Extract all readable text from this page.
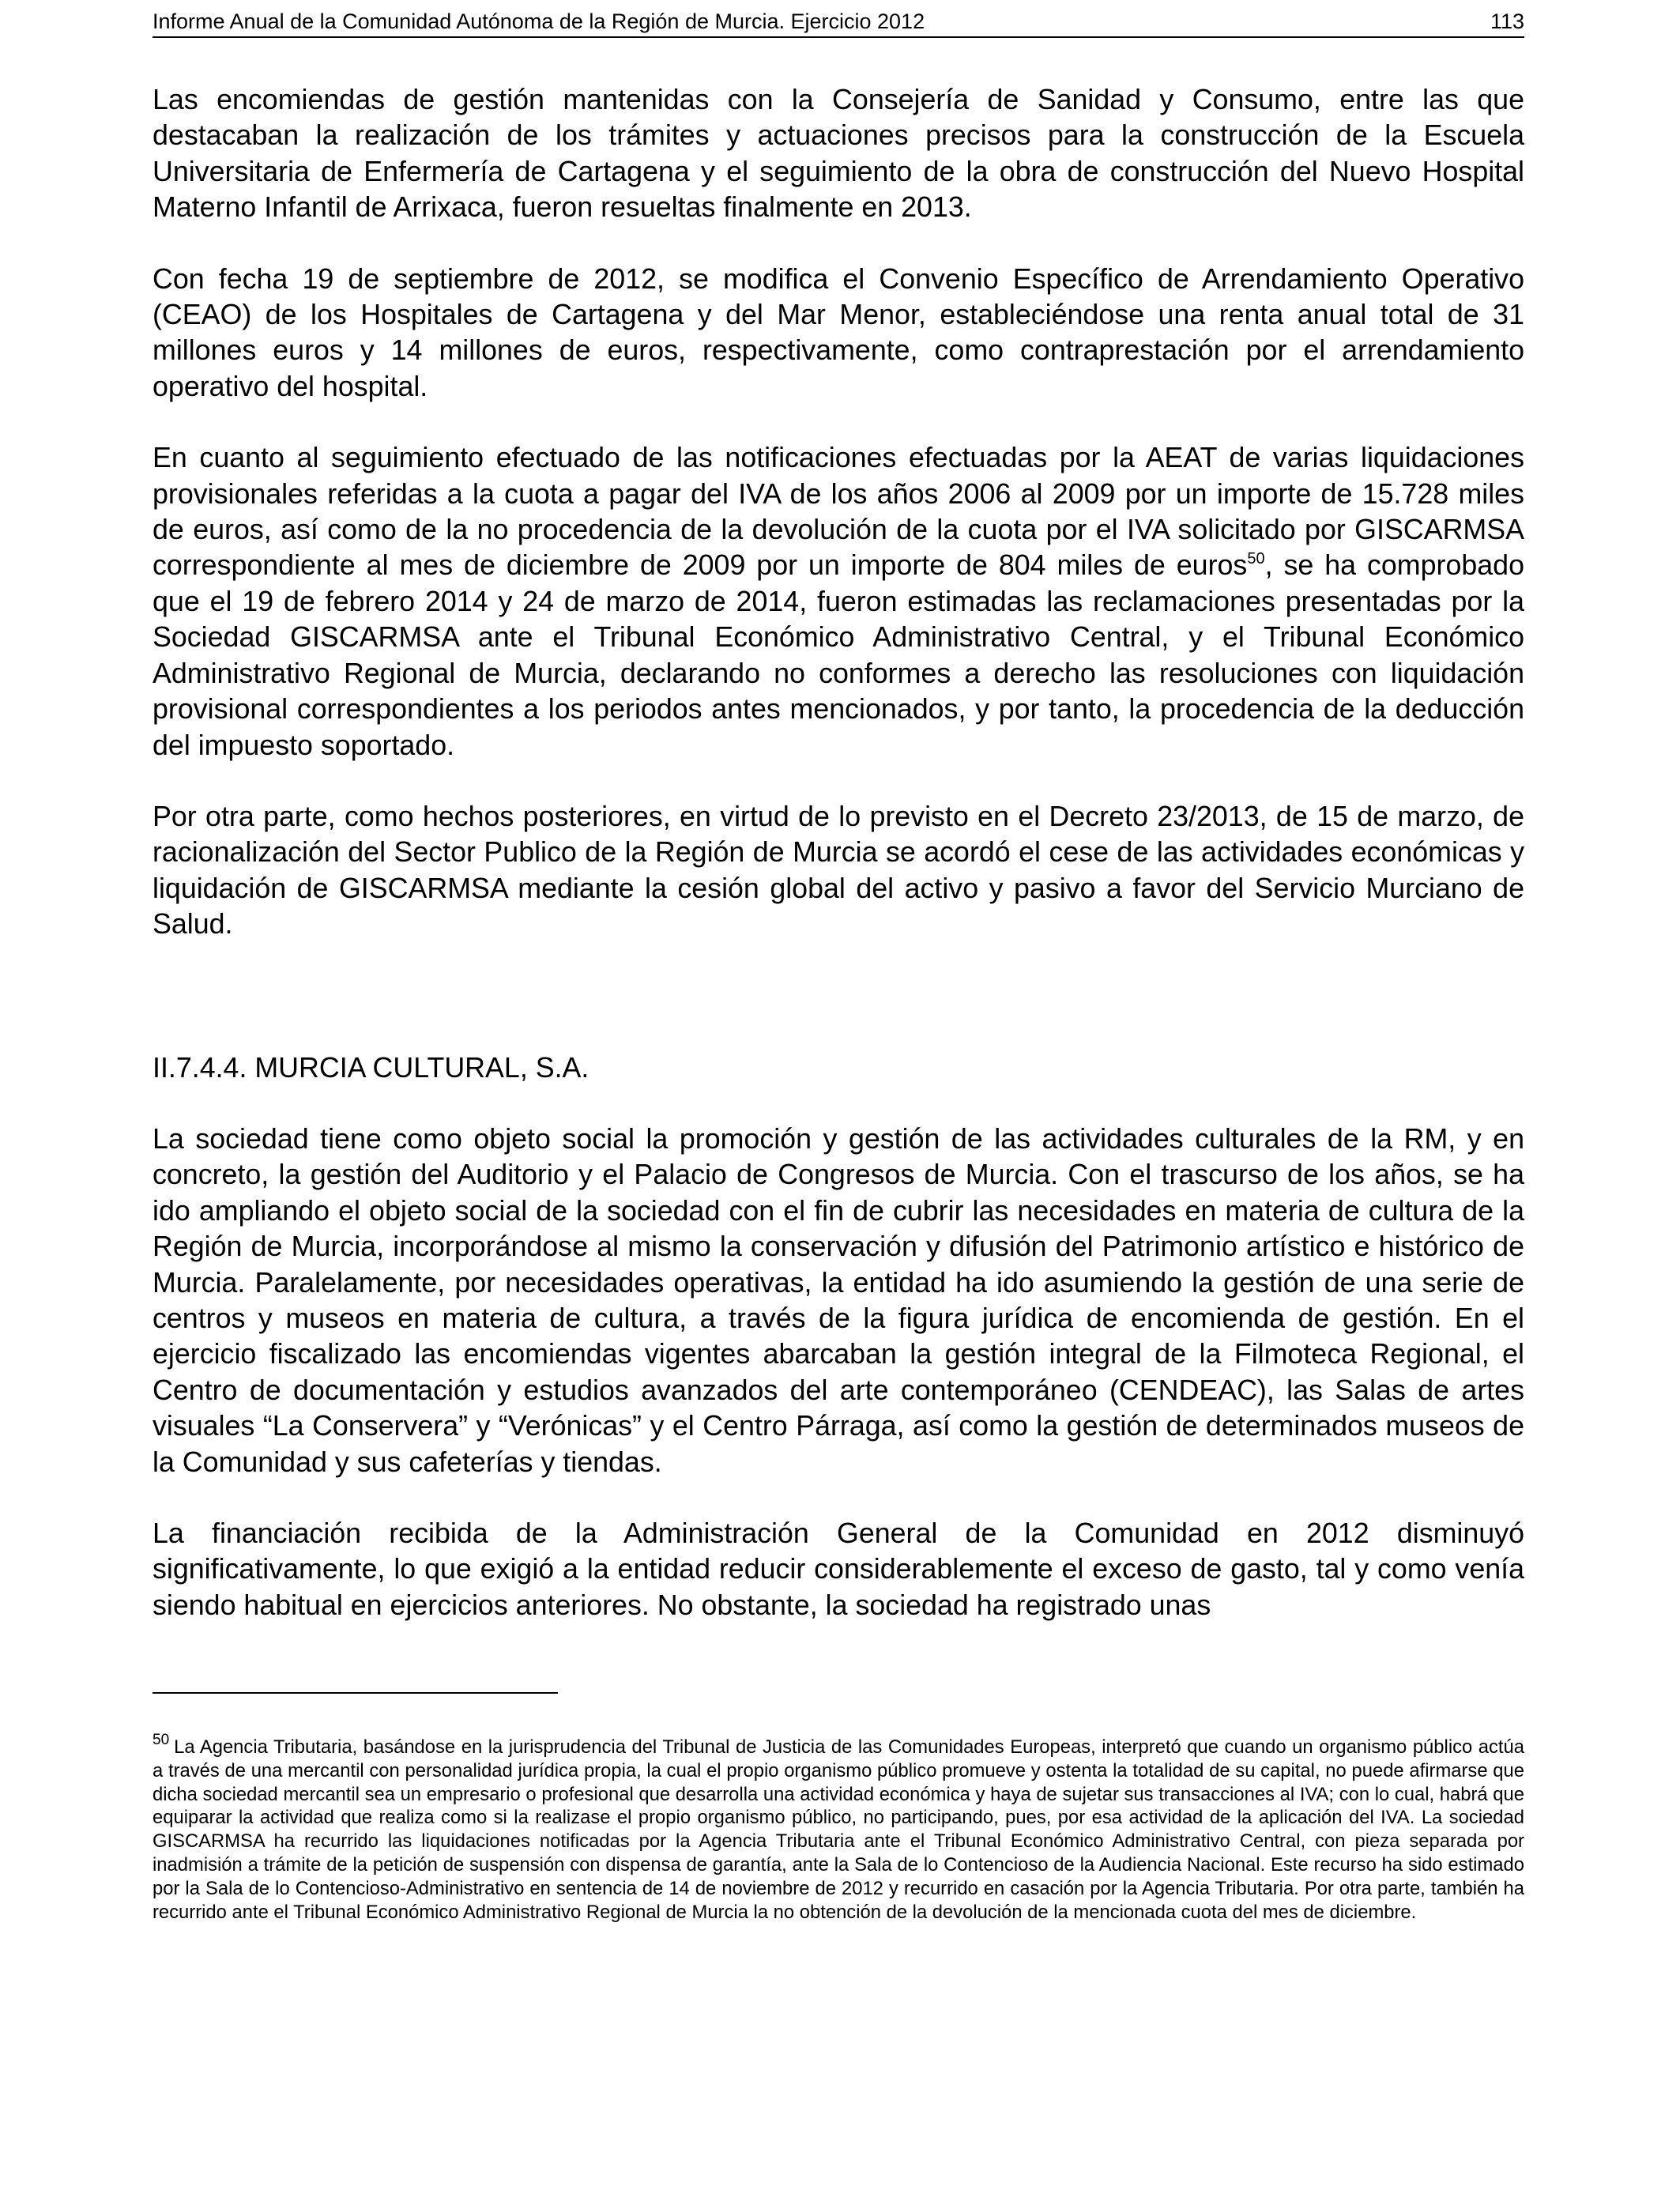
Informe Anual de la Comunidad Autónoma de la Región de Murcia. Ejercicio 2012	113

Las encomiendas de gestión mantenidas con la Consejería de Sanidad y Consumo, entre las que destacaban la realización de los trámites y actuaciones precisos para la construcción de la Escuela Universitaria de Enfermería de Cartagena y el seguimiento de la obra de construcción del Nuevo Hospital Materno Infantil de Arrixaca, fueron resueltas finalmente en 2013.

Con fecha 19 de septiembre de 2012, se modifica el Convenio Específico de Arrendamiento Operativo (CEAO) de los Hospitales de Cartagena y del Mar Menor, estableciéndose una renta anual total de 31 millones euros y 14 millones de euros, respectivamente, como contraprestación por el arrendamiento operativo del hospital.

En cuanto al seguimiento efectuado de las notificaciones efectuadas por la AEAT de varias liquidaciones provisionales referidas a la cuota a pagar del IVA de los años 2006 al 2009 por un importe de 15.728 miles de euros, así como de la no procedencia de la devolución de la cuota por el IVA solicitado por GISCARMSA correspondiente al mes de diciembre de 2009 por un importe de 804 miles de euros$^{50}$, se ha comprobado que el 19 de febrero 2014 y 24 de marzo de 2014, fueron estimadas las reclamaciones presentadas por la Sociedad GISCARMSA ante el Tribunal Económico Administrativo Central, y el Tribunal Económico Administrativo Regional de Murcia, declarando no conformes a derecho las resoluciones con liquidación provisional correspondientes a los periodos antes mencionados, y por tanto, la procedencia de la deducción del impuesto soportado.

Por otra parte, como hechos posteriores, en virtud de lo previsto en el Decreto 23/2013, de 15 de marzo, de racionalización del Sector Publico de la Región de Murcia se acordó el cese de las actividades económicas y liquidación de GISCARMSA mediante la cesión global del activo y pasivo a favor del Servicio Murciano de Salud.

II.7.4.4. MURCIA CULTURAL, S.A.

La sociedad tiene como objeto social la promoción y gestión de las actividades culturales de la RM, y en concreto, la gestión del Auditorio y el Palacio de Congresos de Murcia. Con el trascurso de los años, se ha ido ampliando el objeto social de la sociedad con el fin de cubrir las necesidades en materia de cultura de la Región de Murcia, incorporándose al mismo la conservación y difusión del Patrimonio artístico e histórico de Murcia. Paralelamente, por necesidades operativas, la entidad ha ido asumiendo la gestión de una serie de centros y museos en materia de cultura, a través de la figura jurídica de encomienda de gestión. En el ejercicio fiscalizado las encomiendas vigentes abarcaban la gestión integral de la Filmoteca Regional, el Centro de documentación y estudios avanzados del arte contemporáneo (CENDEAC), las Salas de artes visuales “La Conservera” y “Verónicas” y el Centro Párraga, así como la gestión de determinados museos de la Comunidad y sus cafeterías y tiendas.

La financiación recibida de la Administración General de la Comunidad en 2012 disminuyó significativamente, lo que exigió a la entidad reducir considerablemente el exceso de gasto, tal y como venía siendo habitual en ejercicios anteriores. No obstante, la sociedad ha registrado unas

$^{50}$ La Agencia Tributaria, basándose en la jurisprudencia del Tribunal de Justicia de las Comunidades Europeas, interpretó que cuando un organismo público actúa a través de una mercantil con personalidad jurídica propia, la cual el propio organismo público promueve y ostenta la totalidad de su capital, no puede afirmarse que dicha sociedad mercantil sea un empresario o profesional que desarrolla una actividad económica y haya de sujetar sus transacciones al IVA; con lo cual, habrá que equiparar la actividad que realiza como si la realizase el propio organismo público, no participando, pues, por esa actividad de la aplicación del IVA. La sociedad GISCARMSA ha recurrido las liquidaciones notificadas por la Agencia Tributaria ante el Tribunal Económico Administrativo Central, con pieza separada por inadmisión a trámite de la petición de suspensión con dispensa de garantía, ante la Sala de lo Contencioso de la Audiencia Nacional. Este recurso ha sido estimado por la Sala de lo Contencioso-Administrativo en sentencia de 14 de noviembre de 2012 y recurrido en casación por la Agencia Tributaria. Por otra parte, también ha recurrido ante el Tribunal Económico Administrativo Regional de Murcia la no obtención de la devolución de la mencionada cuota del mes de diciembre.
